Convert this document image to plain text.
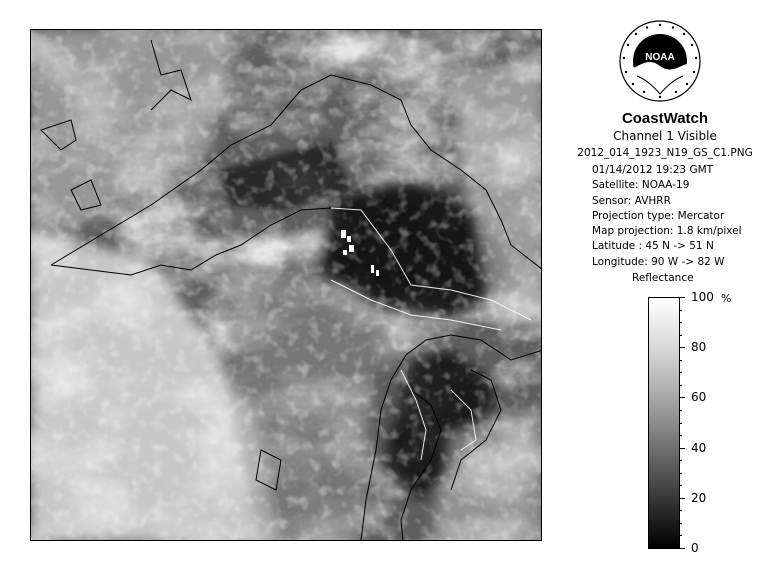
NOAA
CoastWatch
Channel 1 Visible
2012_014_1923_N19_GS_C1.PNG
01/14/2012 19:23 GMT
Satellite: NOAA-19
Sensor: AVHRR
Projection type: Mercator
Map projection: 1.8 km/pixel
Latitude : 45 N -> 51 N
Longitude: 90 W -> 82 W
Reflectance
%
100
80
60
40
20
0
